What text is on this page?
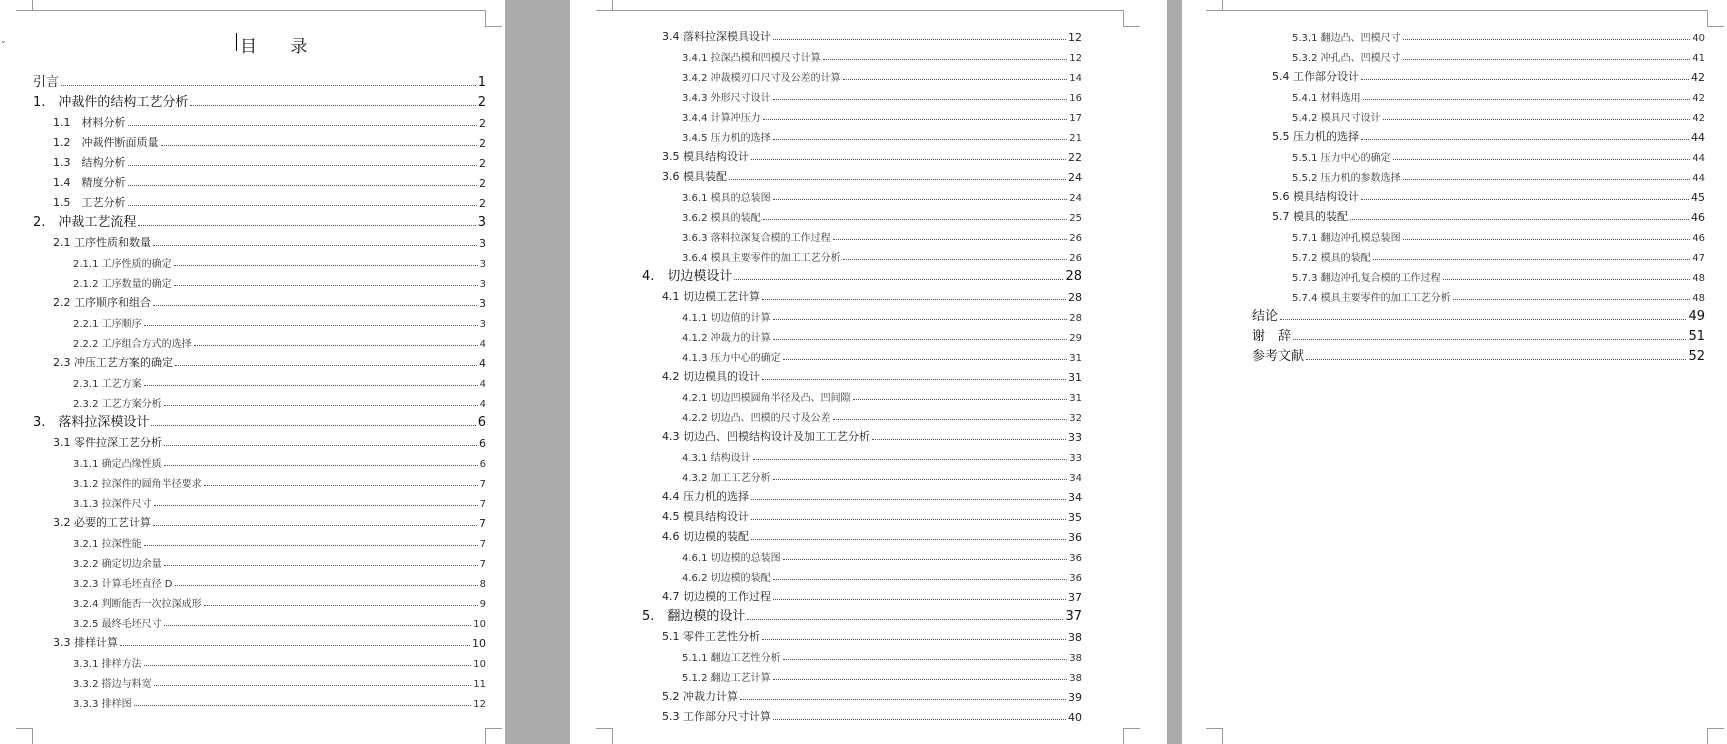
⌄	目 录
引言	1
1.　冲裁件的结构工艺分析	2
1.1　材料分析	2
1.2　冲裁件断面质量	2
1.3　结构分析	2
1.4　精度分析	2
1.5　工艺分析	2
2.　冲裁工艺流程	3
2.1 工序性质和数量	3
2.1.1 工序性质的确定	3
2.1.2 工序数量的确定	3
2.2 工序顺序和组合	3
2.2.1 工序顺序	3
2.2.2 工序组合方式的选择	4
2.3 冲压工艺方案的确定	4
2.3.1 工艺方案	4
2.3.2 工艺方案分析	4
3.　落料拉深模设计	6
3.1 零件拉深工艺分析	6
3.1.1 确定凸缘性质	6
3.1.2 拉深件的圆角半径要求	7
3.1.3 拉深件尺寸	7
3.2 必要的工艺计算	7
3.2.1 拉深性能	7
3.2.2 确定切边余量	7
3.2.3 计算毛坯直径 D	8
3.2.4 判断能否一次拉深成形	9
3.2.5 最终毛坯尺寸	10
3.3 排样计算	10
3.3.1 排样方法	10
3.3.2 搭边与料宽	11
3.3.3 排样图	12
3.4 落料拉深模具设计	12
3.4.1 拉深凸模和凹模尺寸计算	12
3.4.2 冲裁模刃口尺寸及公差的计算	14
3.4.3 外形尺寸设计	16
3.4.4 计算冲压力	17
3.4.5 压力机的选择	21
3.5 模具结构设计	22
3.6 模具装配	24
3.6.1 模具的总装图	24
3.6.2 模具的装配	25
3.6.3 落料拉深复合模的工作过程	26
3.6.4 模具主要零件的加工工艺分析	26
4.　切边模设计	28
4.1 切边模工艺计算	28
4.1.1 切边值的计算	28
4.1.2 冲裁力的计算	29
4.1.3 压力中心的确定	31
4.2 切边模具的设计	31
4.2.1 切边凹模圆角半径及凸、凹间隙	31
4.2.2 切边凸、凹模的尺寸及公差	32
4.3 切边凸、凹模结构设计及加工工艺分析	33
4.3.1 结构设计	33
4.3.2 加工工艺分析	34
4.4 压力机的选择	34
4.5 模具结构设计	35
4.6 切边模的装配	36
4.6.1 切边模的总装图	36
4.6.2 切边模的装配	36
4.7 切边模的工作过程	37
5.　翻边模的设计	37
5.1 零件工艺性分析	38
5.1.1 翻边工艺性分析	38
5.1.2 翻边工艺计算	38
5.2 冲裁力计算	39
5.3 工作部分尺寸计算	40
5.3.1 翻边凸、凹模尺寸	40
5.3.2 冲孔凸、凹模尺寸	41
5.4 工作部分设计	42
5.4.1 材料选用	42
5.4.2 模具尺寸设计	42
5.5 压力机的选择	44
5.5.1 压力中心的确定	44
5.5.2 压力机的参数选择	44
5.6 模具结构设计	45
5.7 模具的装配	46
5.7.1 翻边冲孔模总装图	46
5.7.2 模具的装配	47
5.7.3 翻边冲孔复合模的工作过程	48
5.7.4 模具主要零件的加工工艺分析	48
结论	49
谢　辞	51
参考文献	52
